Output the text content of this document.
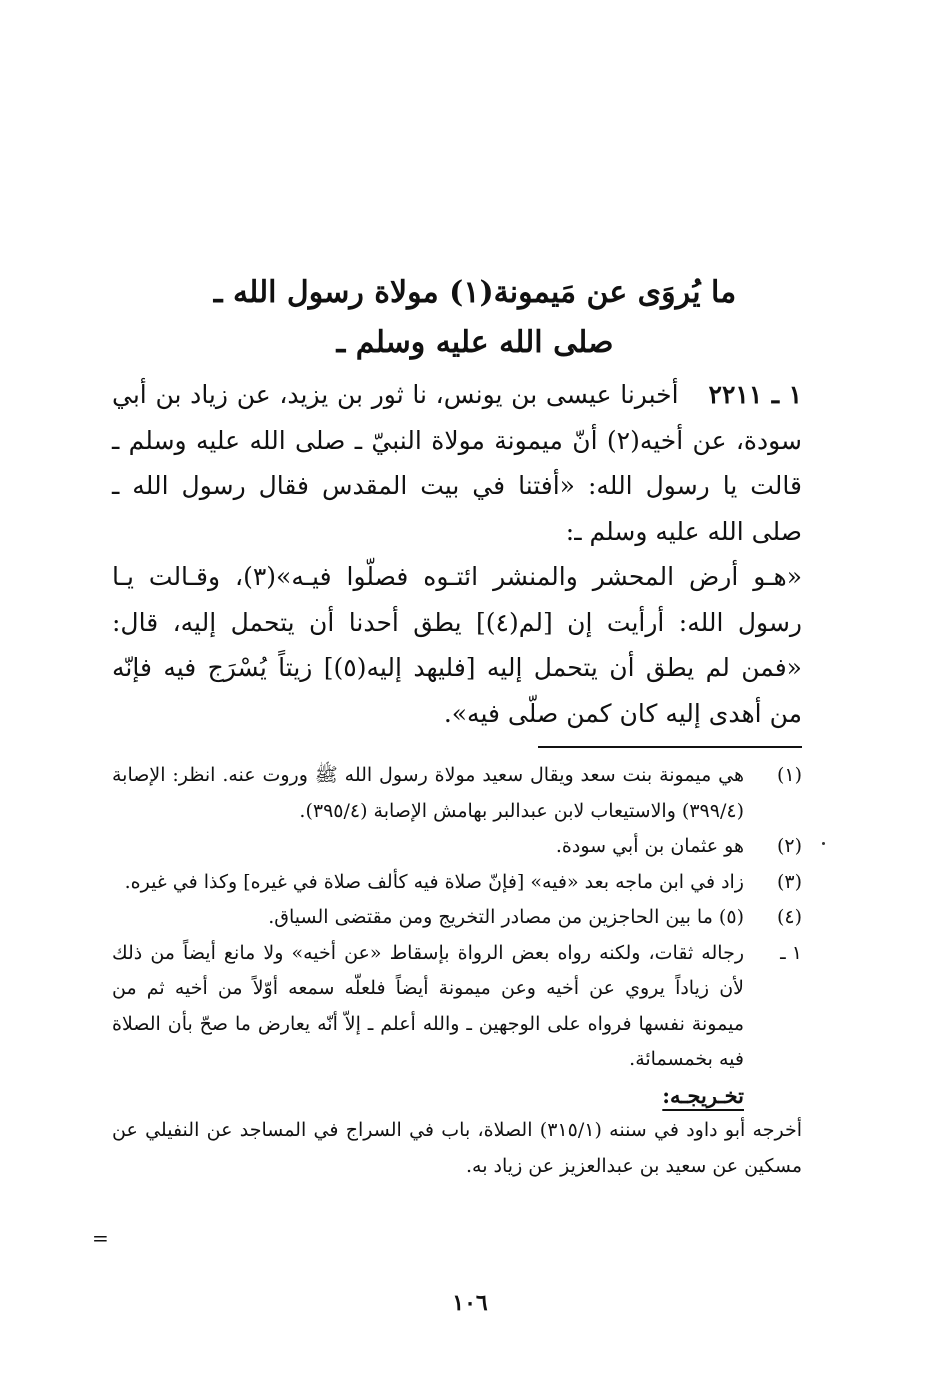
ما يُروَى عن مَيمونة(١) مولاة رسول الله ـ
صلى الله عليه وسلم ـ

١ ـ ٢٢١١أخبرنا عيسى بن يونس، نا ثور بن يزيد، عن زياد بن أبي سودة، عن أخيه(٢) أنّ ميمونة مولاة النبيّ ـ صلى الله عليه وسلم ـ قالت يا رسول الله: «أفتنا في بيت المقدس فقال رسول الله ـ صلى الله عليه وسلم ـ:

«هـو أرض المحشر والمنشر ائتـوه فصلّوا فيـه»(٣)، وقـالت يـا رسول الله: أرأيت إن [لم(٤)] يطق أحدنا أن يتحمل إليه، قال: «فمن لم يطق أن يتحمل إليه [فليهد إليه(٥)] زيتاً يُسْرَج فيه فإنّه من أهدى إليه كان كمن صلّى فيه».

(١)
هي ميمونة بنت سعد ويقال سعيد مولاة رسول الله ﷺ وروت عنه. انظر: الإصابة (٣٩٩/٤) والاستيعاب لابن عبدالبر بهامش الإصابة (٣٩٥/٤).
(٢)
هو عثمان بن أبي سودة.
(٣)
زاد في ابن ماجه بعد «فيه» [فإنّ صلاة فيه كألف صلاة في غيره] وكذا في غيره.
(٤)
(٥) ما بين الحاجزين من مصادر التخريج ومن مقتضى السياق.
١ ـ
رجاله ثقات، ولكنه رواه بعض الرواة بإسقاط «عن أخيه» ولا مانع أيضاً من ذلك لأن زياداً يروي عن أخيه وعن ميمونة أيضاً فلعلّه سمعه أوّلاً من أخيه ثم من ميمونة نفسها فرواه على الوجهين ـ والله أعلم ـ إلاّ أنّه يعارض ما صحّ بأن الصلاة فيه بخمسمائة.
تخـريجـه:
أخرجه أبو داود في سننه (٣١٥/١) الصلاة، باب في السراج في المساجد عن النفيلي عن مسكين عن سعيد بن عبدالعزيز عن زياد به.
=
١٠٦
